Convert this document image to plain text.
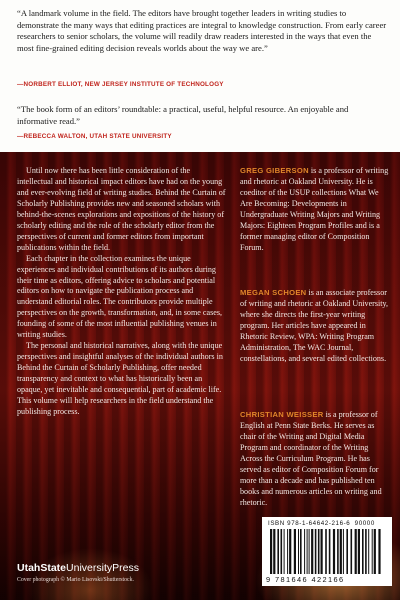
“A landmark volume in the field. The editors have brought together leaders in writing studies to demonstrate the many ways that editing practices are integral to knowledge construction. From early career researchers to senior scholars, the volume will readily draw readers interested in the ways that even the most fine-grained editing decision reveals worlds about the way we are.”

—NORBERT ELLIOT, NEW JERSEY INSTITUTE OF TECHNOLOGY

“The book form of an editors’ roundtable: a practical, useful, helpful resource. An enjoyable and informative read.”

—REBECCA WALTON, UTAH STATE UNIVERSITY

Until now there has been little consideration of the intellectual and historical impact editors have had on the young and ever-evolving field of writing studies. Behind the Curtain of Scholarly Publishing provides new and seasoned scholars with behind-the-scenes explorations and expositions of the history of scholarly editing and the role of the scholarly editor from the perspectives of current and former editors from important publications within the field.

Each chapter in the collection examines the unique experiences and individual contributions of its authors during their time as editors, offering advice to scholars and potential editors on how to navigate the publication process and understand editorial roles. The contributors provide multiple perspectives on the growth, transformation, and, in some cases, founding of some of the most influential publishing venues in writing studies.

The personal and historical narratives, along with the unique perspectives and insightful analyses of the individual authors in Behind the Curtain of Scholarly Publishing, offer needed transparency and context to what has historically been an opaque, yet inevitable and consequential, part of academic life. This volume will help researchers in the field understand the publishing process.

GREG GIBERSON is a professor of writing and rhetoric at Oakland University. He is coeditor of the USUP collections What We Are Becoming: Developments in Undergraduate Writing Majors and Writing Majors: Eighteen Program Profiles and is a former managing editor of Composition Forum.

MEGAN SCHOEN is an associate professor of writing and rhetoric at Oakland University, where she directs the first-year writing program. Her articles have appeared in Rhetoric Review, WPA: Writing Program Administration, The WAC Journal, constellations, and several edited collections.

CHRISTIAN WEISSER is a professor of English at Penn State Berks. He serves as chair of the Writing and Digital Media Program and coordinator of the Writing Across the Curriculum Program. He has served as editor of Composition Forum for more than a decade and has published ten books and numerous articles on writing and rhetoric.

ISBN 978-1-64642-216-6 90000
9 781646 422166
UtahStateUniversityPress
Cover photograph © Mario Lisovski/Shutterstock.
